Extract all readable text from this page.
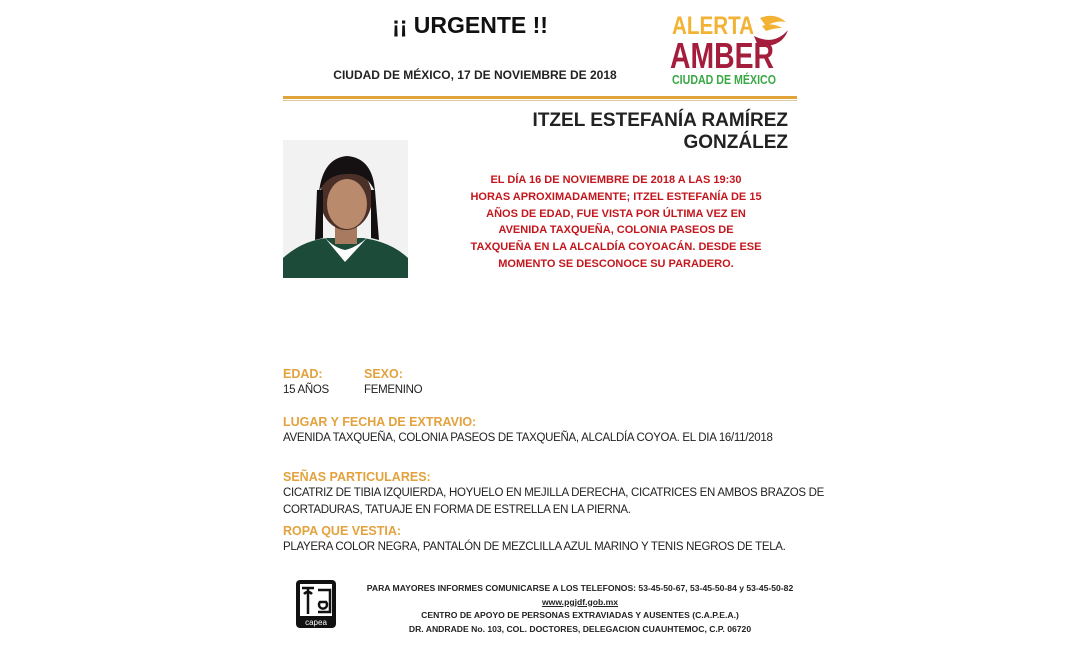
¡¡ URGENTE !!
CIUDAD DE MÉXICO, 17 DE NOVIEMBRE DE 2018
ALERTA
AMBER
CIUDAD DE MÉXICO
ITZEL ESTEFANÍA RAMÍREZ GONZÁLEZ
EL DÍA 16 DE NOVIEMBRE DE 2018 A LAS 19:30 HORAS APROXIMADAMENTE; ITZEL ESTEFANÍA DE 15 AÑOS DE EDAD, FUE VISTA POR ÚLTIMA VEZ EN AVENIDA TAXQUEÑA, COLONIA PASEOS DE TAXQUEÑA EN LA ALCALDÍA COYOACÁN. DESDE ESE MOMENTO SE DESCONOCE SU PARADERO.
EDAD:	SEXO:
15 AÑOS	FEMENINO
LUGAR Y FECHA DE EXTRAVIO:
AVENIDA TAXQUEÑA, COLONIA PASEOS DE TAXQUEÑA, ALCALDÍA COYOA. EL DIA 16/11/2018
SEÑAS PARTICULARES:
CICATRIZ DE TIBIA IZQUIERDA, HOYUELO EN MEJILLA DERECHA, CICATRICES EN AMBOS BRAZOS DE
CORTADURAS, TATUAJE EN FORMA DE ESTRELLA EN LA PIERNA.
ROPA QUE VESTIA:
PLAYERA COLOR NEGRA, PANTALÓN DE MEZCLILLA AZUL MARINO Y TENIS NEGROS DE TELA.
capea
PARA MAYORES INFORMES COMUNICARSE A LOS TELEFONOS: 53-45-50-67, 53-45-50-84 y 53-45-50-82
www.pgjdf.gob.mx
CENTRO DE APOYO DE PERSONAS EXTRAVIADAS Y AUSENTES (C.A.P.E.A.)
DR. ANDRADE No. 103, COL. DOCTORES, DELEGACION CUAUHTEMOC, C.P. 06720
